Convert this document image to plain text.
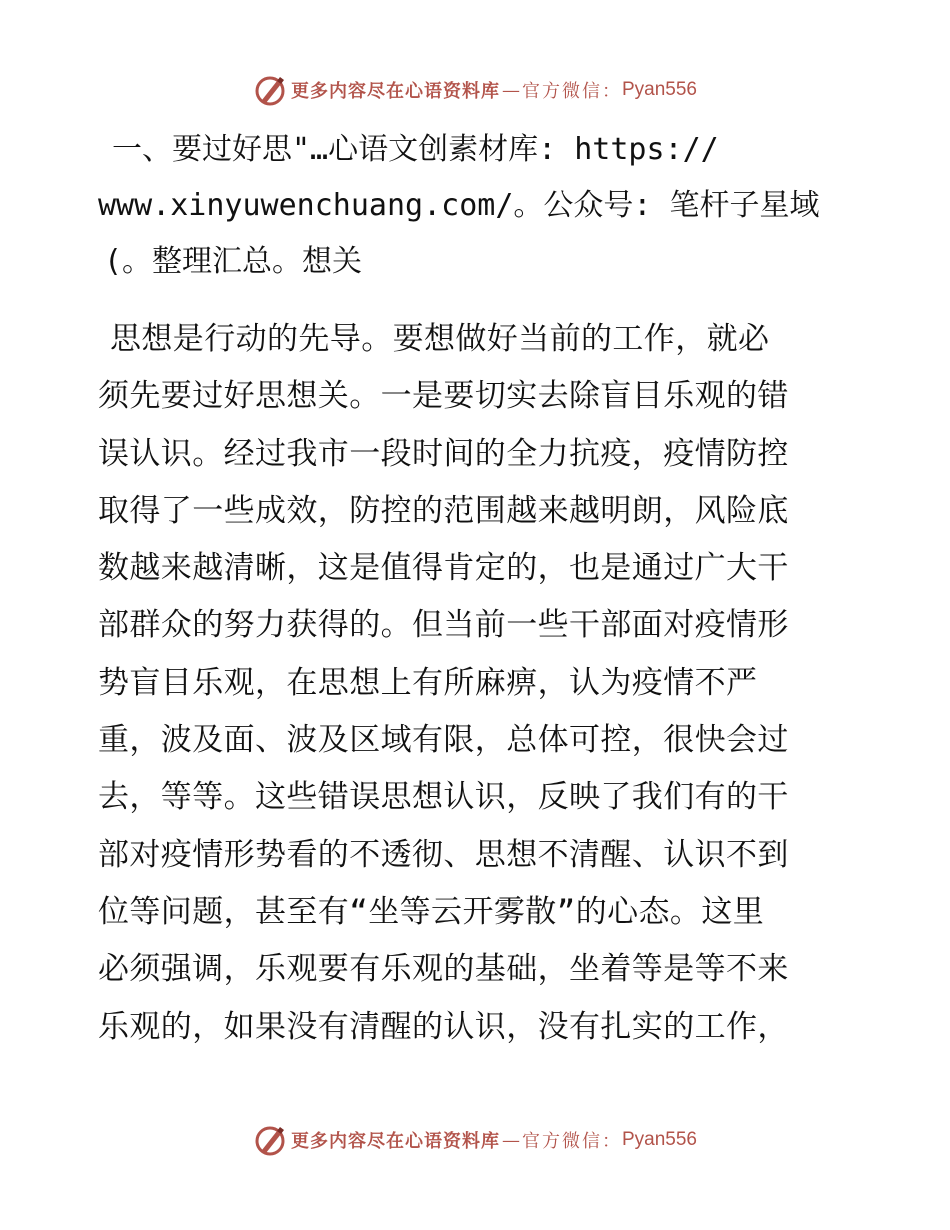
更多内容尽在心语资料库 — 官方微信： Pyan556
一、要过好思"…心语文创素材库: https://
www.xinyuwenchuang.com/。公众号: 笔杆子星域
(。整理汇总。想关
思想是行动的先导。要想做好当前的工作，就必
须先要过好思想关。一是要切实去除盲目乐观的错
误认识。经过我市一段时间的全力抗疫，疫情防控
取得了一些成效，防控的范围越来越明朗，风险底
数越来越清晰，这是值得肯定的，也是通过广大干
部群众的努力获得的。但当前一些干部面对疫情形
势盲目乐观，在思想上有所麻痹，认为疫情不严
重，波及面、波及区域有限，总体可控，很快会过
去，等等。这些错误思想认识，反映了我们有的干
部对疫情形势看的不透彻、思想不清醒、认识不到
位等问题，甚至有“坐等云开雾散”的心态。这里
必须强调，乐观要有乐观的基础，坐着等是等不来
乐观的，如果没有清醒的认识，没有扎实的工作，
更多内容尽在心语资料库 — 官方微信： Pyan556
